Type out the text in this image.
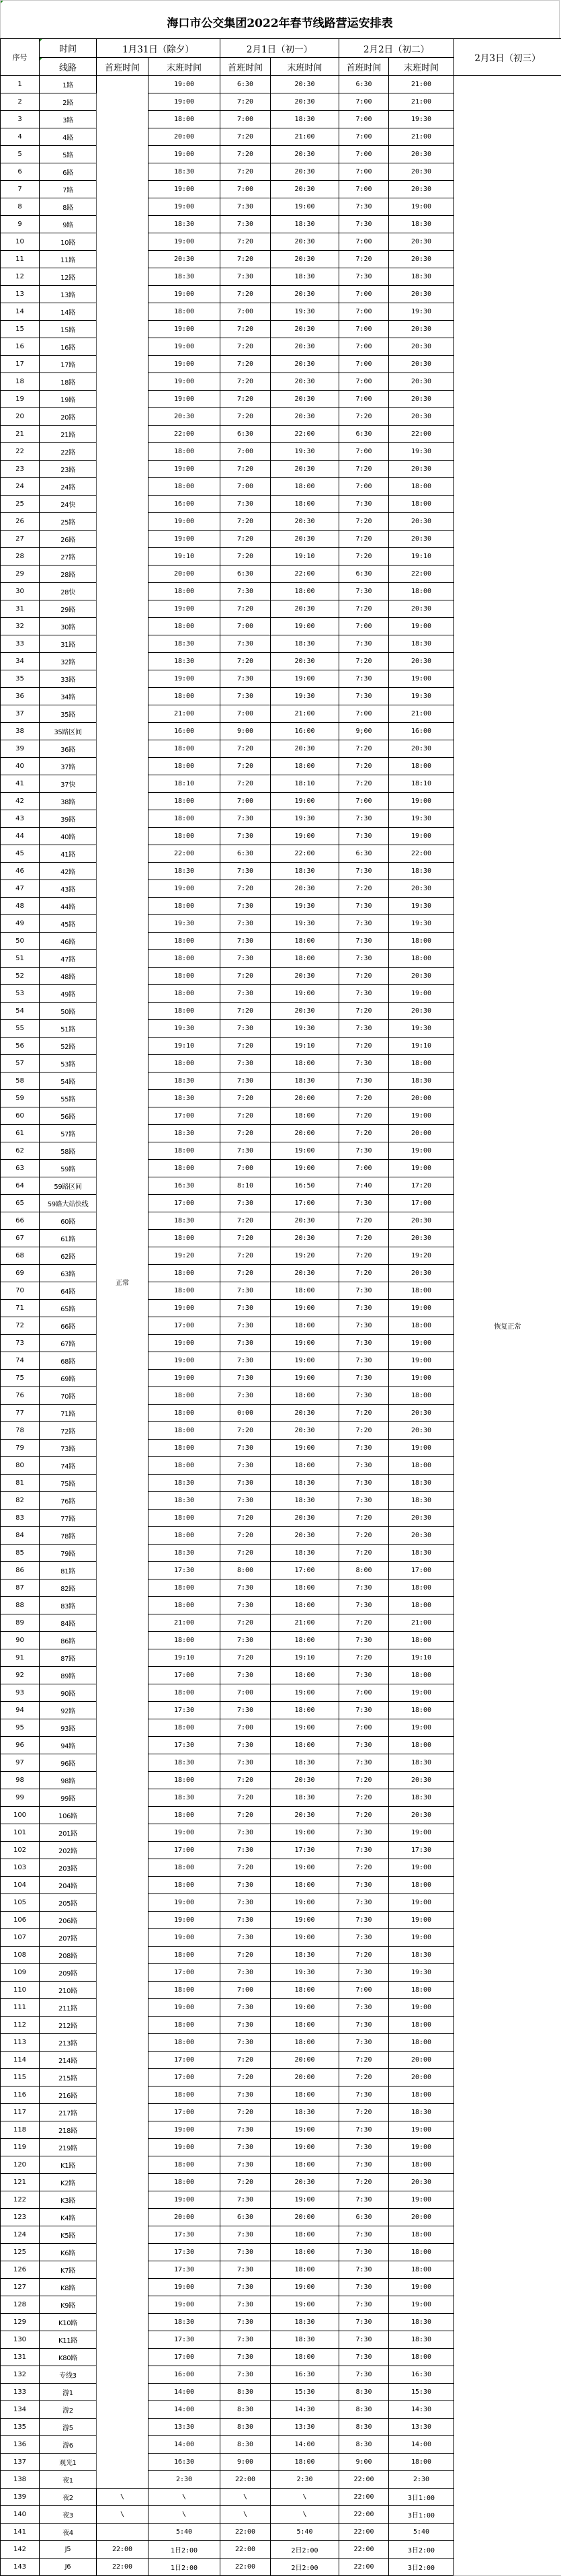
海口市公交集团2022年春节线路营运安排表
序号	时间	1月31日（除夕）		2月1日（初一）		2月2日（初二）		2月3日（初三）

线路	首班时间	末班时间	首班时间	末班时间	首班时间	末班时间	
1	1路	正常	19:00	6:30	20:30	6:30	21:00	恢复正常
2	2路		19:00	7:20	20:30	7:00	21:00	
3	3路		18:00	7:00	18:30	7:00	19:30	
4	4路		20:00	7:20	21:00	7:00	21:00	
5	5路		19:00	7:20	20:30	7:00	20:30	
6	6路		18:30	7:20	20:30	7:00	20:30	
7	7路		19:00	7:00	20:30	7:00	20:30	
8	8路		19:00	7:30	19:00	7:30	19:00	
9	9路		18:30	7:30	18:30	7:30	18:30	
10	10路		19:00	7:20	20:30	7:00	20:30	
11	11路		20:30	7:20	20:30	7:20	20:30	
12	12路		18:30	7:30	18:30	7:30	18:30	
13	13路		19:00	7:20	20:30	7:00	20:30	
14	14路		18:00	7:00	19:30	7:00	19:30	
15	15路		19:00	7:20	20:30	7:00	20:30	
16	16路		19:00	7:20	20:30	7:00	20:30	
17	17路		19:00	7:20	20:30	7:00	20:30	
18	18路		19:00	7:20	20:30	7:00	20:30	
19	19路		19:00	7:20	20:30	7:00	20:30	
20	20路		20:30	7:20	20:30	7:20	20:30	
21	21路		22:00	6:30	22:00	6:30	22:00	
22	22路		18:00	7:00	19:30	7:00	19:30	
23	23路		19:00	7:20	20:30	7:20	20:30	
24	24路		18:00	7:00	18:00	7:00	18:00	
25	24快		16:00	7:30	18:00	7:30	18:00	
26	25路		19:00	7:20	20:30	7:20	20:30	
27	26路		19:00	7:20	20:30	7:20	20:30	
28	27路		19:10	7:20	19:10	7:20	19:10	
29	28路		20:00	6:30	22:00	6:30	22:00	
30	28快		18:00	7:30	18:00	7:30	18:00	
31	29路		19:00	7:20	20:30	7:20	20:30	
32	30路		18:00	7:00	19:00	7:00	19:00	
33	31路		18:30	7:30	18:30	7:30	18:30	
34	32路		18:30	7:20	20:30	7:20	20:30	
35	33路		19:00	7:30	19:00	7:30	19:00	
36	34路		18:00	7:30	19:30	7:30	19:30	
37	35路		21:00	7:00	21:00	7:00	21:00	
38	35路区间		16:00	9:00	16:00	9;00	16:00	
39	36路		18:00	7:20	20:30	7:20	20:30	
40	37路		18:00	7:20	18:00	7:20	18:00	
41	37快		18:10	7:20	18:10	7:20	18:10	
42	38路		18:00	7:00	19:00	7:00	19:00	
43	39路		18:00	7:30	19:30	7:30	19:30	
44	40路		18:00	7:30	19:00	7:30	19:00	
45	41路		22:00	6:30	22:00	6:30	22:00	
46	42路		18:30	7:30	18:30	7:30	18:30	
47	43路		19:00	7:20	20:30	7:20	20:30	
48	44路		18:00	7:30	19:30	7:30	19:30	
49	45路		19:30	7:30	19:30	7:30	19:30	
50	46路		18:00	7:30	18:00	7:30	18:00	
51	47路		18:00	7:30	18:00	7:30	18:00	
52	48路		18:00	7:20	20:30	7:20	20:30	
53	49路		18:00	7:30	19:00	7:30	19:00	
54	50路		18:00	7:20	20:30	7:20	20:30	
55	51路		19:30	7:30	19:30	7:30	19:30	
56	52路		19:10	7:20	19:10	7:20	19:10	
57	53路		18:00	7:30	18:00	7:30	18:00	
58	54路		18:30	7:30	18:30	7:30	18:30	
59	55路		18:30	7:20	20:00	7:20	20:00	
60	56路		17:00	7:20	18:00	7:20	19:00	
61	57路		18:30	7:20	20:00	7:20	20:00	
62	58路		18:00	7:30	19:00	7:30	19:00	
63	59路		18:00	7:00	19:00	7:00	19:00	
64	59路区间		16:30	8:10	16:50	7:40	17:20	
65	59路大站快线		17:00	7:30	17:00	7:30	17:00	
66	60路		18:30	7:20	20:30	7:20	20:30	
67	61路		18:00	7:20	20:30	7:20	20:30	
68	62路		19:20	7:20	19:20	7:20	19:20	
69	63路		18:00	7:20	20:30	7:20	20:30	
70	64路		18:00	7:30	18:00	7:30	18:00	
71	65路		19:00	7:30	19:00	7:30	19:00	
72	66路		17:00	7:30	18:00	7:30	18:00	
73	67路		19:00	7:30	19:00	7:30	19:00	
74	68路		19:00	7:30	19:00	7:30	19:00	
75	69路		19:00	7:30	19:00	7:30	19:00	
76	70路		18:00	7:30	18:00	7:30	18:00	
77	71路		18:00	0:00	20:30	7:20	20:30	
78	72路		18:00	7:20	20:30	7:20	20:30	
79	73路		18:00	7:30	19:00	7:30	19:00	
80	74路		18:00	7:30	18:00	7:30	18:00	
81	75路		18:30	7:30	18:30	7:30	18:30	
82	76路		18:30	7:30	18:30	7:30	18:30	
83	77路		18:00	7:20	20:30	7:20	20:30	
84	78路		18:00	7:20	20:30	7:20	20:30	
85	79路		18:30	7:20	18:30	7:20	18:30	
86	81路		17:30	8:00	17:00	8:00	17:00	
87	82路		18:00	7:30	18:00	7:30	18:00	
88	83路		18:00	7:30	18:00	7:30	18:00	
89	84路		21:00	7:20	21:00	7:20	21:00	
90	86路		18:00	7:30	18:00	7:30	18:00	
91	87路		19:10	7:20	19:10	7:20	19:10	
92	89路		17:00	7:30	18:00	7:30	18:00	
93	90路		18:00	7:00	19:00	7:00	19:00	
94	92路		17:30	7:30	18:00	7:30	18:00	
95	93路		18:00	7:00	19:00	7:00	19:00	
96	94路		17:30	7:30	18:00	7:30	18:00	
97	96路		18:30	7:30	18:30	7:30	18:30	
98	98路		18:00	7:20	20:30	7:20	20:30	
99	99路		18:30	7:20	18:30	7:20	18:30	
100	106路		18:00	7:20	20:30	7:20	20:30	
101	201路		19:00	7:30	19:00	7:30	19:00	
102	202路		17:00	7:30	17:30	7:30	17:30	
103	203路		18:00	7:20	19:00	7:20	19:00	
104	204路		18:00	7:30	18:00	7:30	18:00	
105	205路		19:00	7:30	19:00	7:30	19:00	
106	206路		19:00	7:30	19:00	7:30	19:00	
107	207路		19:00	7:30	19:00	7:30	19:00	
108	208路		18:00	7:20	18:30	7:20	18:30	
109	209路		17:00	7:30	19:30	7:30	19:30	
110	210路		18:00	7:00	18:00	7:00	18:00	
111	211路		19:00	7:30	19:00	7:30	19:00	
112	212路		18:00	7:30	18:00	7:30	18:00	
113	213路		18:00	7:30	18:00	7:30	18:00	
114	214路		17:00	7:20	20:00	7:20	20:00	
115	215路		17:00	7:20	20:00	7:20	20:00	
116	216路		18:00	7:30	18:00	7:30	18:00	
117	217路		17:00	7:20	18:30	7:20	18:30	
118	218路		19:00	7:30	19:00	7:30	19:00	
119	219路		19:00	7:30	19:00	7:30	19:00	
120	K1路		18:00	7:30	18:00	7:30	18:00	
121	K2路		18:00	7:20	20:30	7:20	20:30	
122	K3路		19:00	7:30	19:00	7:30	19:00	
123	K4路		20:00	6:30	20:00	6:30	20:00	
124	K5路		17:30	7:30	18:00	7:30	18:00	
125	K6路		17:30	7:30	18:00	7:30	18:00	
126	K7路		17:30	7:30	18:00	7:30	18:00	
127	K8路		19:00	7:30	19:00	7:30	19:00	
128	K9路		19:00	7:30	19:00	7:30	19:00	
129	K10路		18:30	7:30	18:30	7:30	18:30	
130	K11路		17:30	7:30	18:30	7:30	18:30	
131	K80路		17:00	7:30	18:00	7:30	18:00	
132	专线3		16:00	7:30	16:30	7:30	16:30	
133	游1		14:00	8:30	15:30	8:30	15:30	
134	游2		14:00	8:30	14:30	8:30	14:30	
135	游5		13:30	8:30	13:30	8:30	13:30	
136	游6		14:00	8:30	14:00	8:30	14:00	
137	观光1		16:30	9:00	18:00	9:00	18:00	
138	夜1		2:30	22:00	2:30	22:00	2:30	
139	夜2	\	\	\	\	22:00	3日1:00	
140	夜3	\	\	\	\	22:00	3日1:00	
141	夜4		5:40	22:00	5:40	22:00	5:40	
142	J5	22:00	1日2:00	22:00	2日2:00	22:00	3日2:00	
143	J6	22:00	1日2:00	22:00	2日2:00	22:00	3日2:00	
